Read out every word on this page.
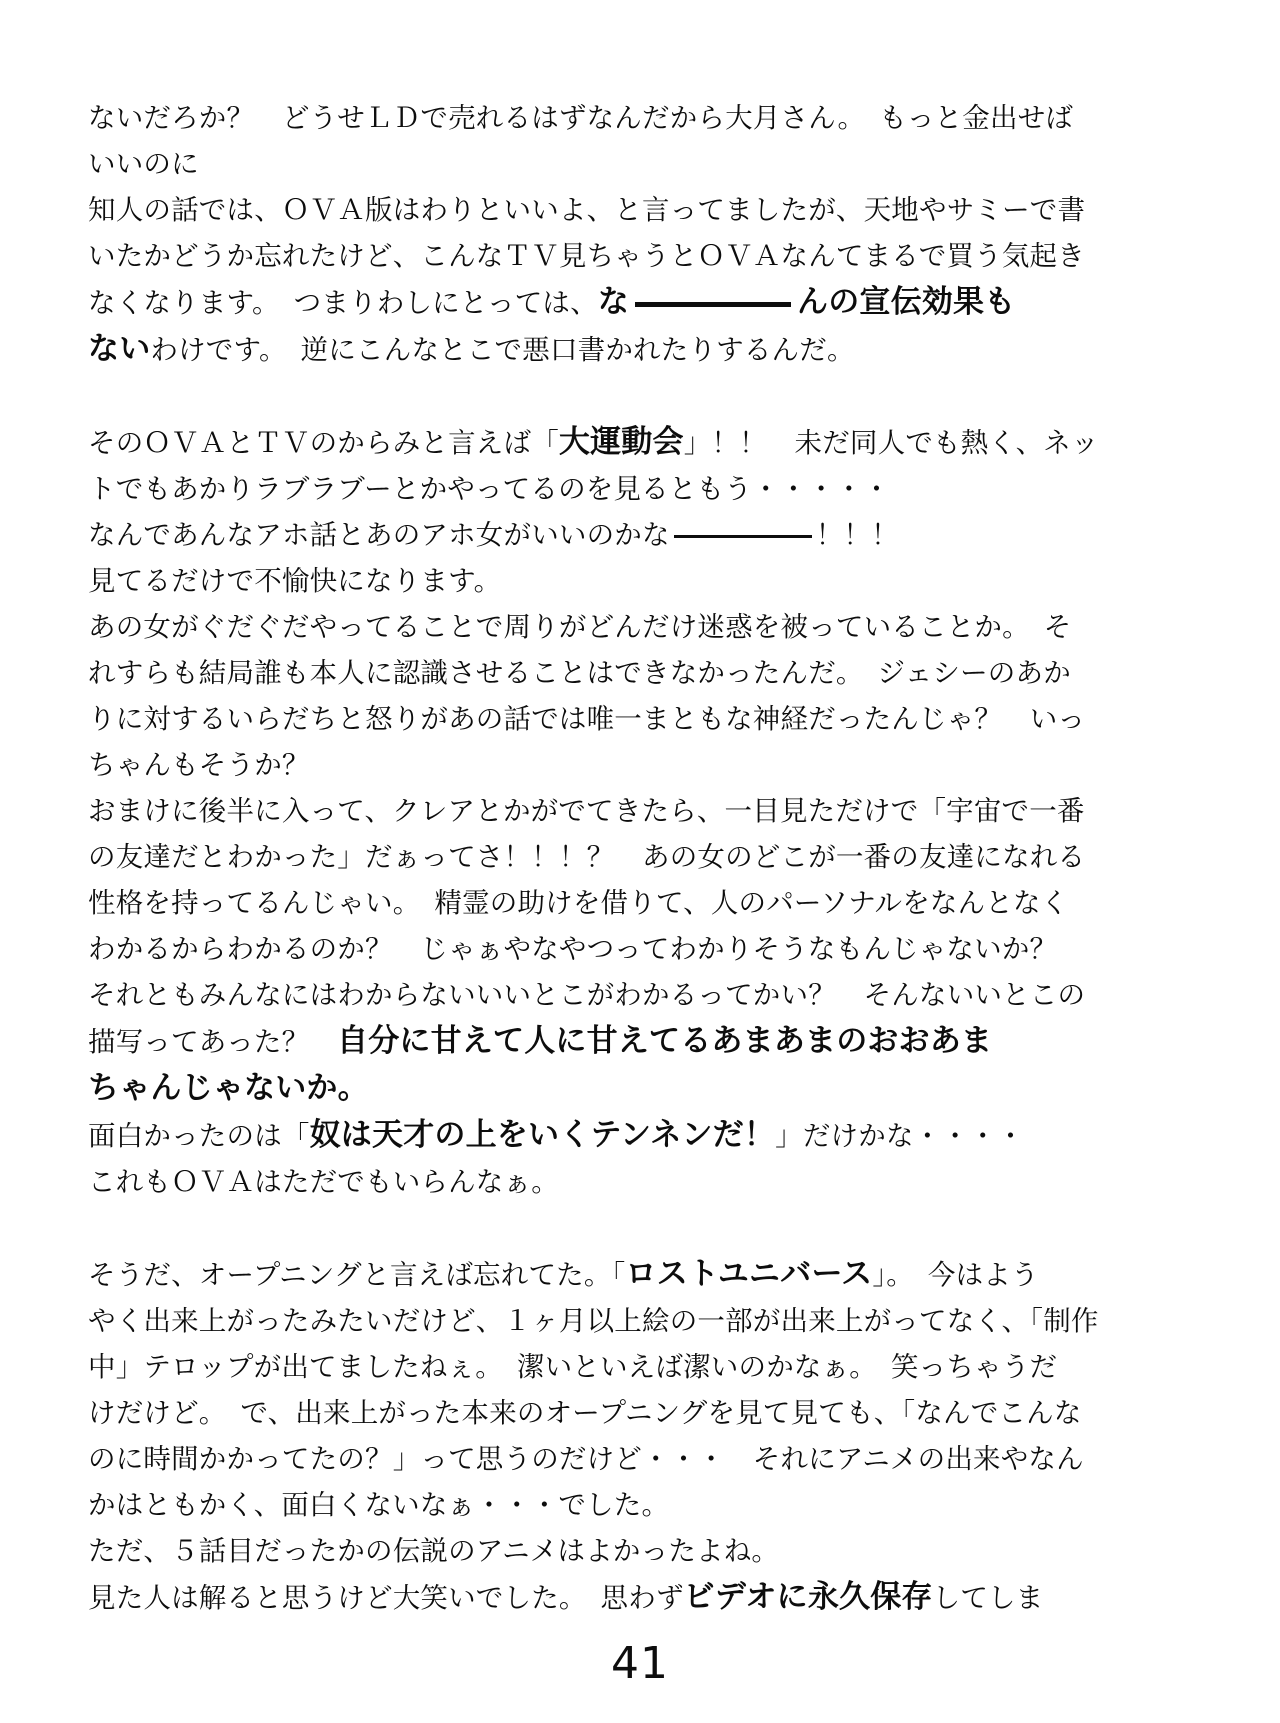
ないだろか？　どうせＬＤで売れるはずなんだから大月さん。　もっと金出せば

いいのに

知人の話では、ＯＶＡ版はわりといいよ、と言ってましたが、天地やサミーで書

いたかどうか忘れたけど、こんなＴＶ見ちゃうとＯＶＡなんてまるで買う気起き

なくなります。　つまりわしにとっては、な	んの宣伝効果も

ないわけです。　逆にこんなとこで悪口書かれたりするんだ。

そのＯＶＡとＴＶのからみと言えば「大運動会」！！　未だ同人でも熱く、ネッ

トでもあかりラブラブーとかやってるのを見るともう・・・・・

なんであんなアホ話とあのアホ女がいいのかな	！！！

見てるだけで不愉快になります。

あの女がぐだぐだやってることで周りがどんだけ迷惑を被っていることか。　そ

れすらも結局誰も本人に認識させることはできなかったんだ。　ジェシーのあか

りに対するいらだちと怒りがあの話では唯一まともな神経だったんじゃ？　いっ

ちゃんもそうか？

おまけに後半に入って、クレアとかがでてきたら、一目見ただけで「宇宙で一番

の友達だとわかった」だぁってさ！！！？　あの女のどこが一番の友達になれる

性格を持ってるんじゃい。　精霊の助けを借りて、人のパーソナルをなんとなく

わかるからわかるのか？　じゃぁやなやつってわかりそうなもんじゃないか？

それともみんなにはわからないいいとこがわかるってかい？　そんないいとこの

描写ってあった？　自分に甘えて人に甘えてるあまあまのおおあま

ちゃんじゃないか。

面白かったのは「奴は天才の上をいくテンネンだ！」だけかな・・・・

これもＯＶＡはただでもいらんなぁ。

そうだ、オープニングと言えば忘れてた。「ロストユニバース」。　今はよう

やく出来上がったみたいだけど、１ヶ月以上絵の一部が出来上がってなく、「制作

中」テロップが出てましたねぇ。　潔いといえば潔いのかなぁ。　笑っちゃうだ

けだけど。　で、出来上がった本来のオープニングを見て見ても、「なんでこんな

のに時間かかってたの？」って思うのだけど・・・　それにアニメの出来やなん

かはともかく、面白くないなぁ・・・でした。

ただ、５話目だったかの伝説のアニメはよかったよね。

見た人は解ると思うけど大笑いでした。　思わずビデオに永久保存してしま

41
